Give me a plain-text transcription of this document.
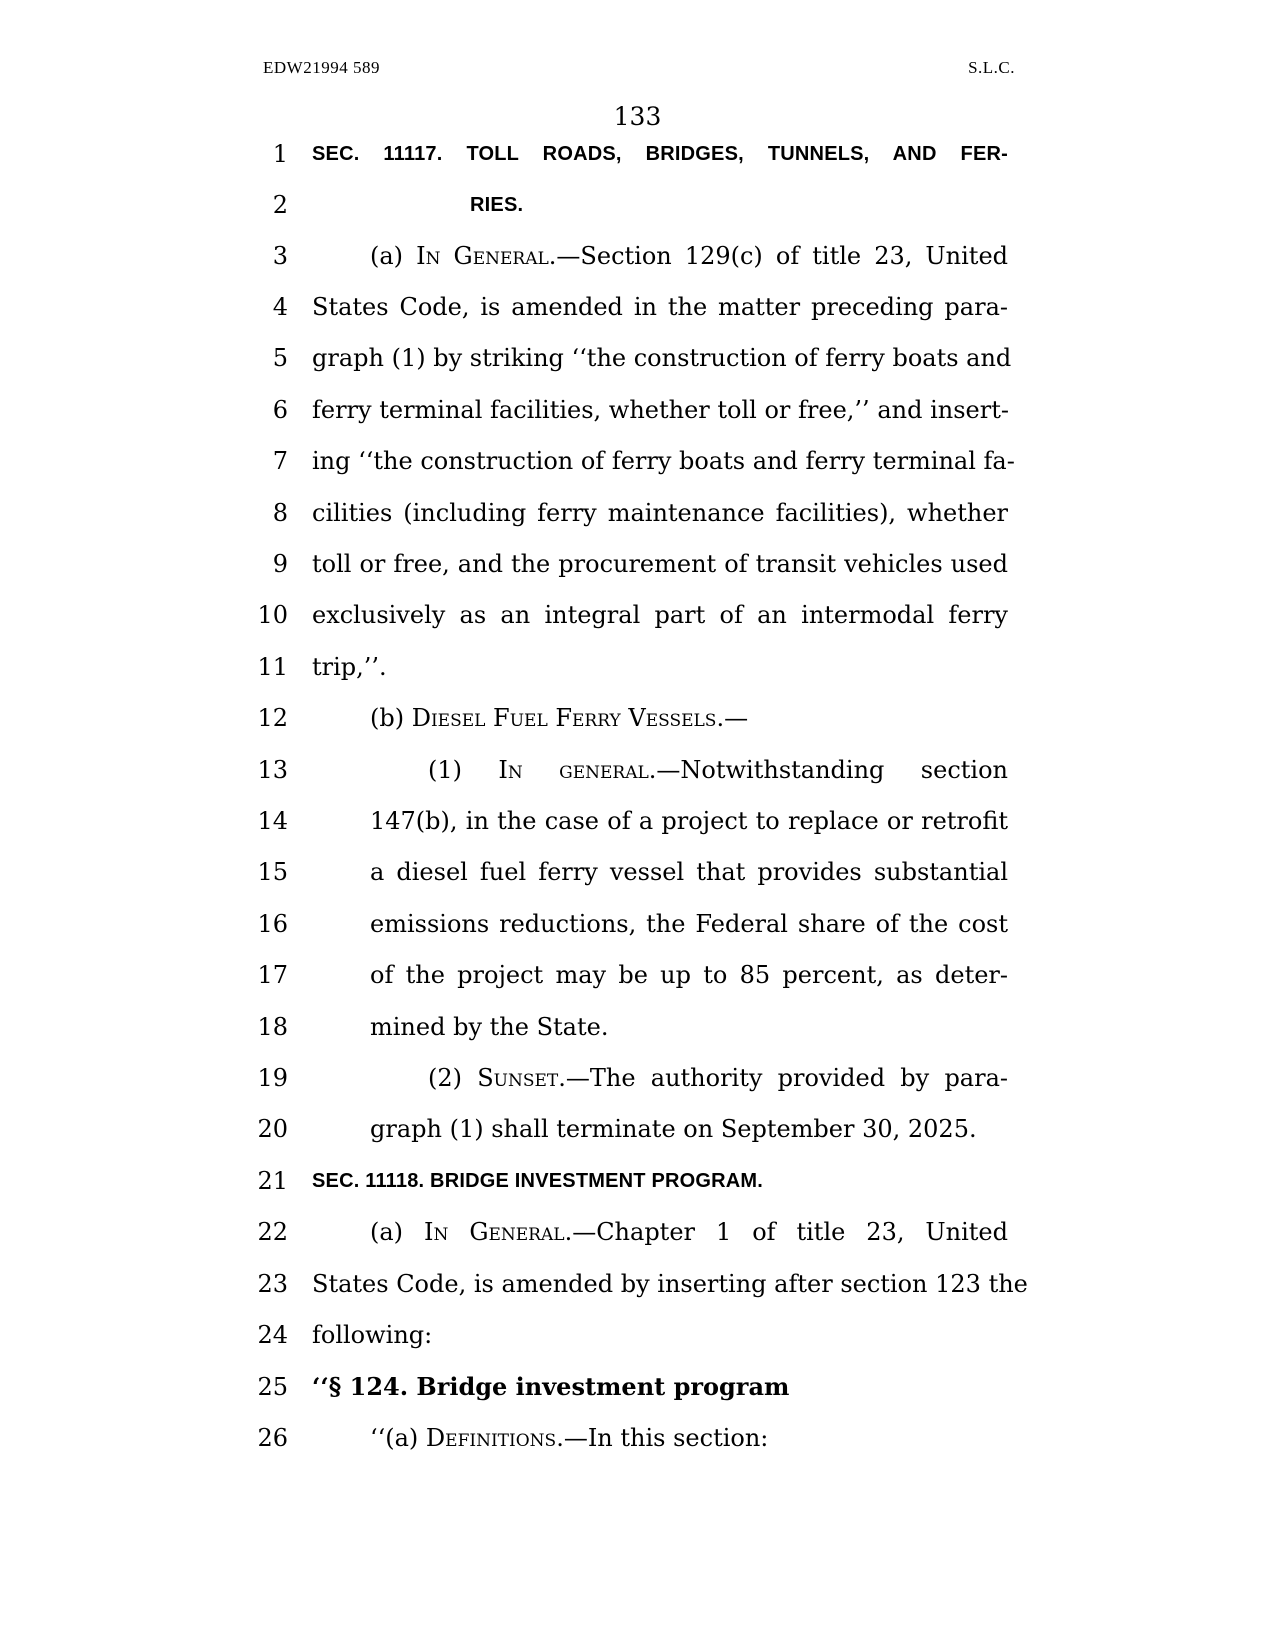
EDW21994 589	S.L.C.
133
1
2
3
4
5
6
7
8
9
10
11
12
13
14
15
16
17
18
19
20
21
22
23
24
25
26
SEC. 11117. TOLL ROADS, BRIDGES, TUNNELS, AND FER-
RIES.
(a) In General.—Section 129(c) of title 23, United
States Code, is amended in the matter preceding para-
graph (1) by striking ‘‘the construction of ferry boats and
ferry terminal facilities, whether toll or free,’’ and insert-
ing ‘‘the construction of ferry boats and ferry terminal fa-
cilities (including ferry maintenance facilities), whether
toll or free, and the procurement of transit vehicles used
exclusively as an integral part of an intermodal ferry
trip,’’.
(b) Diesel Fuel Ferry Vessels.—
(1) In general.—Notwithstanding section
147(b), in the case of a project to replace or retrofit
a diesel fuel ferry vessel that provides substantial
emissions reductions, the Federal share of the cost
of the project may be up to 85 percent, as deter-
mined by the State.
(2) Sunset.—The authority provided by para-
graph (1) shall terminate on September 30, 2025.
SEC. 11118. BRIDGE INVESTMENT PROGRAM.
(a) In General.—Chapter 1 of title 23, United
States Code, is amended by inserting after section 123 the
following:
‘‘§ 124. Bridge investment program
‘‘(a) Definitions.—In this section:
